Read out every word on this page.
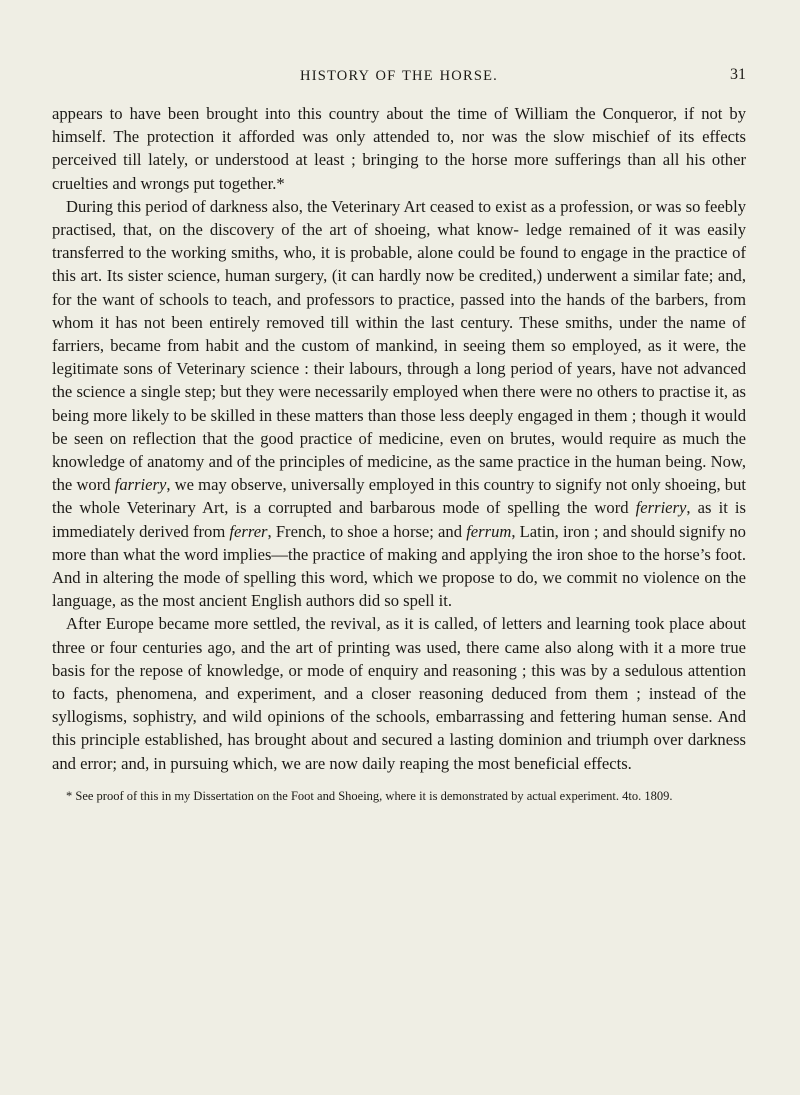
HISTORY OF THE HORSE.	31

appears to have been brought into this country about the time of William the Conqueror, if not by himself. The protection it afforded was only attended to, nor was the slow mischief of its effects perceived till lately, or understood at least ; bringing to the horse more sufferings than all his other cruelties and wrongs put together.*

During this period of darkness also, the Veterinary Art ceased to exist as a profession, or was so feebly practised, that, on the discovery of the art of shoeing, what know- ledge remained of it was easily transferred to the working smiths, who, it is probable, alone could be found to engage in the practice of this art. Its sister science, human surgery, (it can hardly now be credited,) underwent a similar fate; and, for the want of schools to teach, and professors to practice, passed into the hands of the barbers, from whom it has not been entirely removed till within the last century. These smiths, under the name of farriers, became from habit and the custom of mankind, in seeing them so employed, as it were, the legitimate sons of Veterinary science : their labours, through a long period of years, have not advanced the science a single step; but they were necessarily employed when there were no others to practise it, as being more likely to be skilled in these matters than those less deeply engaged in them ; though it would be seen on reflection that the good practice of medicine, even on brutes, would require as much the knowledge of anatomy and of the principles of medicine, as the same practice in the human being. Now, the word farriery, we may observe, universally employed in this country to signify not only shoeing, but the whole Veterinary Art, is a corrupted and barbarous mode of spelling the word ferriery, as it is immediately derived from ferrer, French, to shoe a horse; and ferrum, Latin, iron ; and should signify no more than what the word implies—the practice of making and applying the iron shoe to the horse’s foot. And in altering the mode of spelling this word, which we propose to do, we commit no violence on the language, as the most ancient English authors did so spell it.

After Europe became more settled, the revival, as it is called, of letters and learning took place about three or four centuries ago, and the art of printing was used, there came also along with it a more true basis for the repose of knowledge, or mode of enquiry and reasoning ; this was by a sedulous attention to facts, phenomena, and experiment, and a closer reasoning deduced from them ; instead of the syllogisms, sophistry, and wild opinions of the schools, embarrassing and fettering human sense. And this principle established, has brought about and secured a lasting dominion and triumph over darkness and error; and, in pursuing which, we are now daily reaping the most beneficial effects.

* See proof of this in my Dissertation on the Foot and Shoeing, where it is demonstrated by actual experiment. 4to. 1809.
